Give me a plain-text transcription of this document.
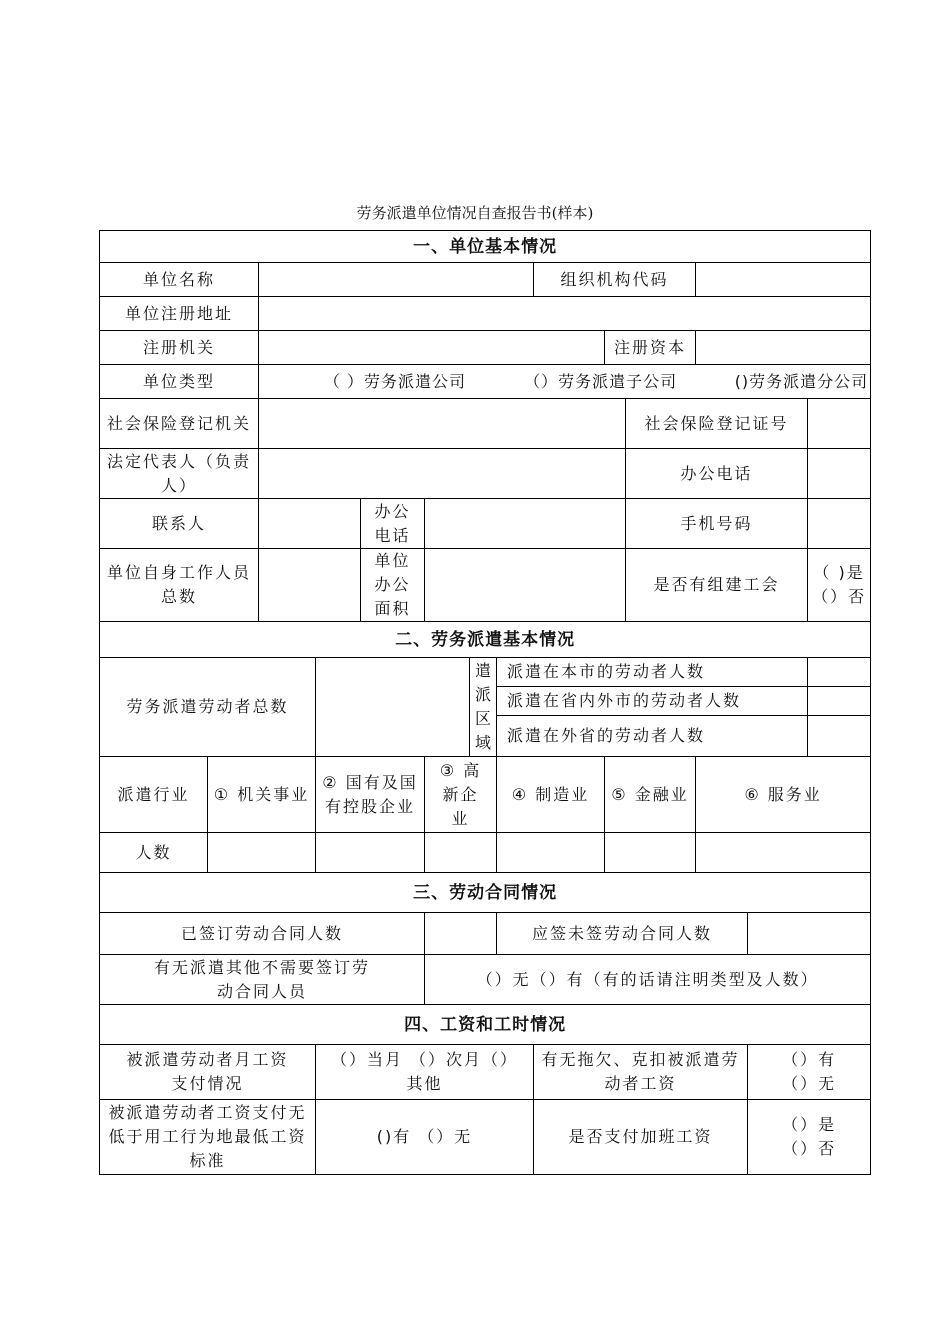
劳务派遣单位情况自查报告书(样本)
一、单位基本情况													
单位名称								组织机构代码					
单位注册地址													
注册机关									注册资本				
单位类型		（ ）劳务派遣公司 （）劳务派遣子公司 ()劳务派遣分公司											
社会保险登记机关										社会保险登记证号			
法定代表人（负责人）										办公电话			
联系人				办公电话						手机号码			
单位自身工作人员总数				单位办公面积						是否有组建工会			（ )是（）否
二、劳务派遣基本情况													
劳务派遣劳动者总数						遣派区域	派遣在本市的劳动者人数						
							派遣在省内外市的劳动者人数						
							派遣在外省的劳动者人数						
派遣行业	① 机关事业		② 国有及国有控股企业		③ 高新企业		④ 制造业		⑤ 金融业		⑥ 服务业		
人数													
三、劳动合同情况													
已签订劳动合同人数							应签未签劳动合同人数						
有无派遣其他不需要签订劳动合同人员					（）无（）有（有的话请注明类型及人数）								
四、工资和工时情况													
被派遣劳动者月工资支付情况			（）当月 （）次月（）其他					有无拖欠、克扣被派遣劳动者工资				（）有 （）无	
被派遣劳动者工资支付无低于用工行为地最低工资标准			()有 （）无					是否支付加班工资				（）是 （）否	
